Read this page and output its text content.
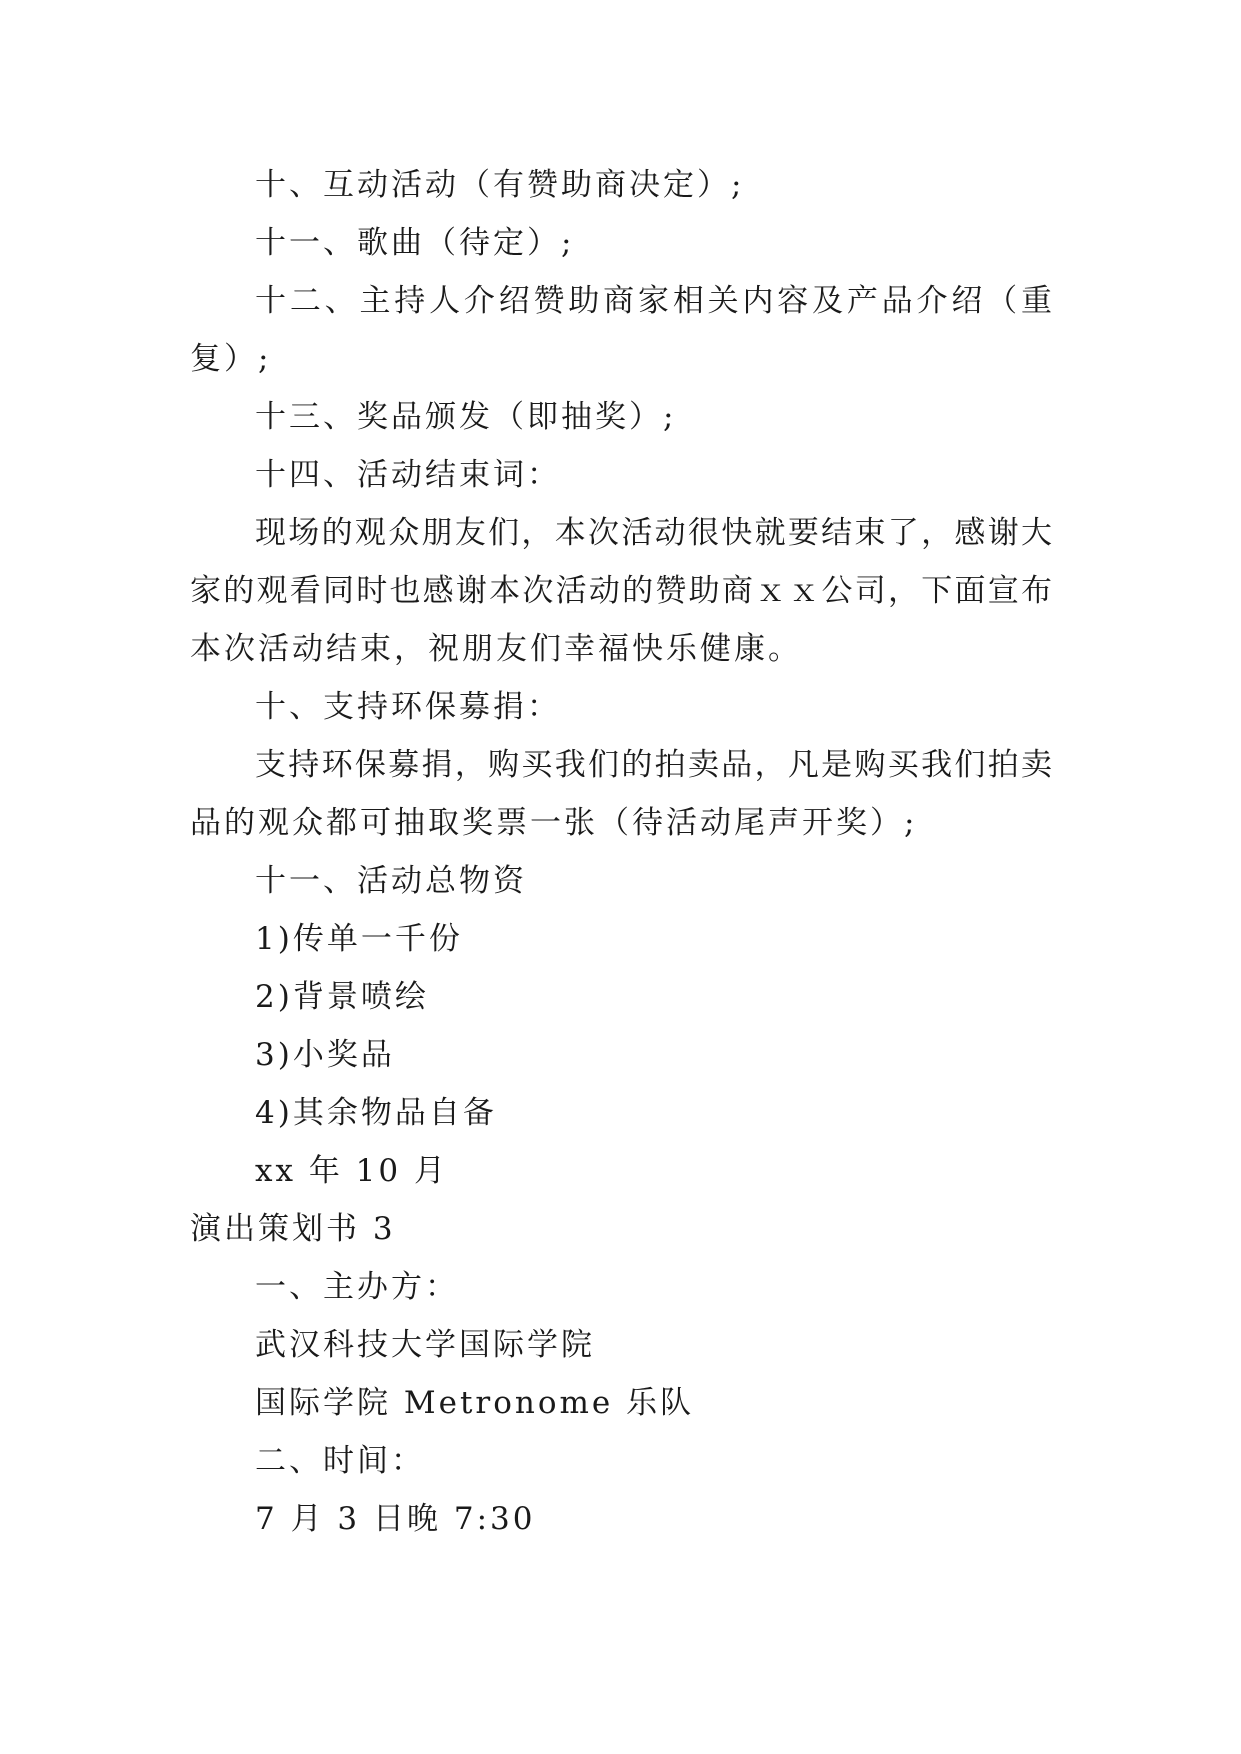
十、互动活动（有赞助商决定）;
十一、歌曲（待定）;
十二、主持人介绍赞助商家相关内容及产品介绍（重
复）;
十三、奖品颁发（即抽奖）;
十四、活动结束词：
现场的观众朋友们，本次活动很快就要结束了，感谢大
家的观看同时也感谢本次活动的赞助商ｘｘ公司，下面宣布
本次活动结束，祝朋友们幸福快乐健康。
十、支持环保募捐：
支持环保募捐，购买我们的拍卖品，凡是购买我们拍卖
品的观众都可抽取奖票一张（待活动尾声开奖）;
十一、活动总物资
1)传单一千份
2)背景喷绘
3)小奖品
4)其余物品自备
xx 年 10 月
演出策划书 3
一、主办方：
武汉科技大学国际学院
国际学院 Metronome 乐队
二、时间：
7 月 3 日晚 7:30
